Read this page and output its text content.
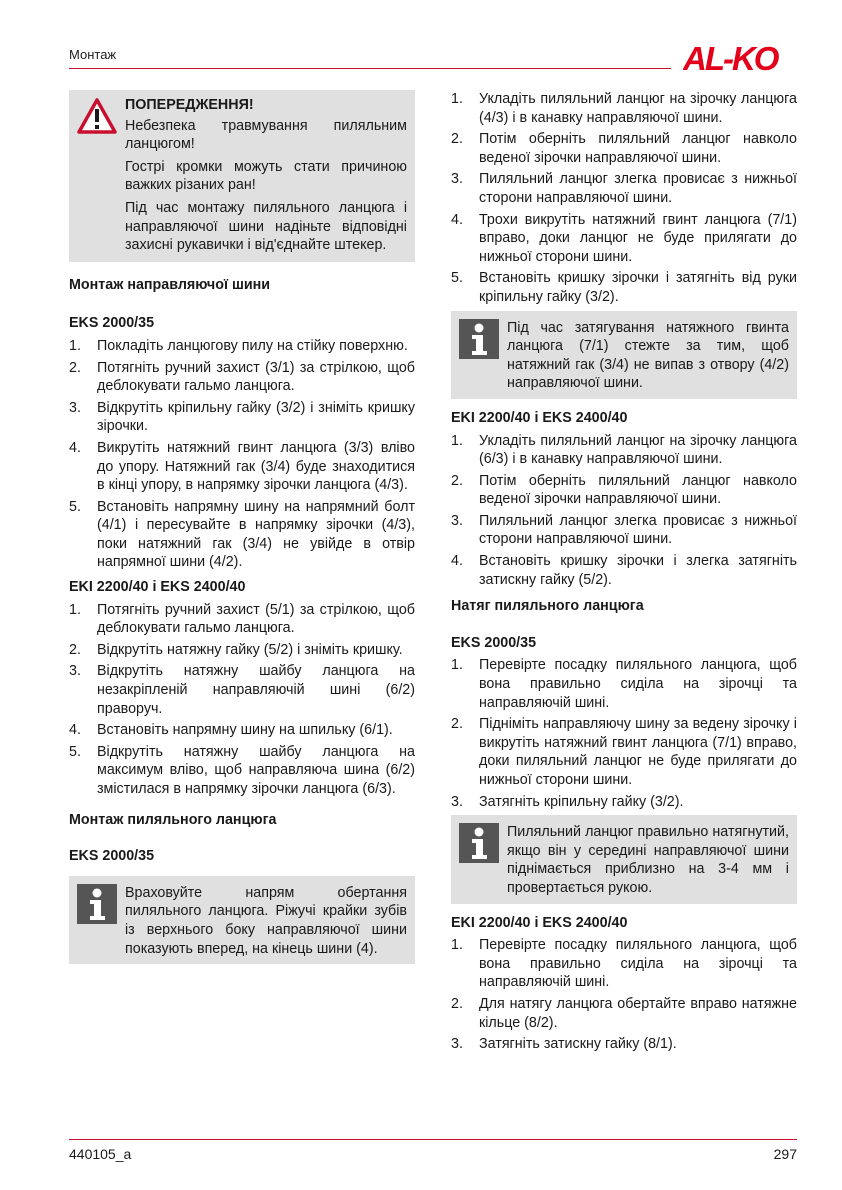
Монтаж	AL-KO

ПОПЕРЕДЖЕННЯ!

Небезпека травмування пиляльним ланцюгом!

Гострі кромки можуть стати причиною важких різаних ран!

Під час монтажу пиляльного ланцюга і направляючої шини надіньте відповідні захисні рукавички і від'єднайте штекер.

Монтаж направляючої шини
EKS 2000/35
1. Покладіть ланцюгову пилу на стійку поверхню.
2. Потягніть ручний захист (3/1) за стрілкою, щоб деблокувати гальмо ланцюга.
3. Відкрутіть кріпильну гайку (3/2) і зніміть кришку зірочки.
4. Викрутіть натяжний гвинт ланцюга (3/3) вліво до упору. Натяжний гак (3/4) буде знаходитися в кінці упору, в напрямку зірочки ланцюга (4/3).
5. Встановіть напрямну шину на напрямний болт (4/1) і пересувайте в напрямку зірочки (4/3), поки натяжний гак (3/4) не увійде в отвір напрямної шини (4/2).
EKI 2200/40 і EKS 2400/40
1. Потягніть ручний захист (5/1) за стрілкою, щоб деблокувати гальмо ланцюга.
2. Відкрутіть натяжну гайку (5/2) і зніміть кришку.
3. Відкрутіть натяжну шайбу ланцюга на незакріпленій направляючій шині (6/2) праворуч.
4. Встановіть напрямну шину на шпильку (6/1).
5. Відкрутіть натяжну шайбу ланцюга на максимум вліво, щоб направляюча шина (6/2) змістилася в напрямку зірочки ланцюга (6/3).
Монтаж пиляльного ланцюга
EKS 2000/35

Враховуйте напрям обертання пиляльного ланцюга. Ріжучі крайки зубів із верхнього боку направляючої шини показують вперед, на кінець шини (4).

1. Укладіть пиляльний ланцюг на зірочку ланцюга (4/3) і в канавку направляючої шини.
2. Потім оберніть пиляльний ланцюг навколо веденої зірочки направляючої шини.
3. Пиляльний ланцюг злегка провисає з нижньої сторони направляючої шини.
4. Трохи викрутіть натяжний гвинт ланцюга (7/1) вправо, доки ланцюг не буде прилягати до нижньої сторони шини.
5. Встановіть кришку зірочки і затягніть від руки кріпильну гайку (3/2).

Під час затягування натяжного гвинта ланцюга (7/1) стежте за тим, щоб натяжний гак (3/4) не випав з отвору (4/2) направляючої шини.

EKI 2200/40 і EKS 2400/40
1. Укладіть пиляльний ланцюг на зірочку ланцюга (6/3) і в канавку направляючої шини.
2. Потім оберніть пиляльний ланцюг навколо веденої зірочки направляючої шини.
3. Пиляльний ланцюг злегка провисає з нижньої сторони направляючої шини.
4. Встановіть кришку зірочки і злегка затягніть затискну гайку (5/2).
Натяг пиляльного ланцюга
EKS 2000/35
1. Перевірте посадку пиляльного ланцюга, щоб вона правильно сиділа на зірочці та направляючій шині.
2. Підніміть направляючу шину за ведену зірочку і викрутіть натяжний гвинт ланцюга (7/1) вправо, доки пиляльний ланцюг не буде прилягати до нижньої сторони шини.
3. Затягніть кріпильну гайку (3/2).

Пиляльний ланцюг правильно натягнутий, якщо він у середині направляючої шини піднімається приблизно на 3-4 мм і провертається рукою.

EKI 2200/40 і EKS 2400/40
1. Перевірте посадку пиляльного ланцюга, щоб вона правильно сиділа на зірочці та направляючій шині.
2. Для натягу ланцюга обертайте вправо натяжне кільце (8/2).
3. Затягніть затискну гайку (8/1).
440105_a	297
